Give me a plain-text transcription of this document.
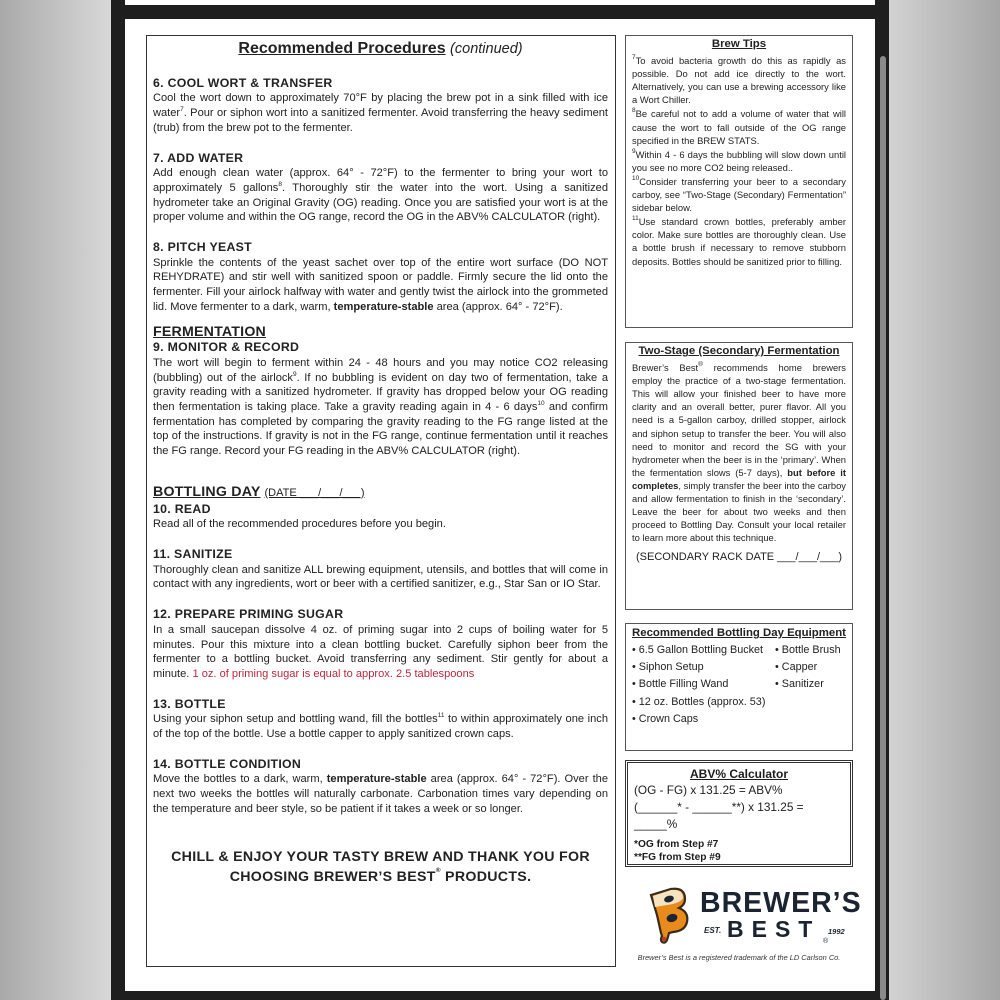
Recommended Procedures (continued)
6. COOL WORT & TRANSFER

Cool the wort down to approximately 70°F by placing the brew pot in a sink filled with ice water$^7$. Pour or siphon wort into a sanitized fermenter. Avoid transferring the heavy sediment (trub) from the brew pot to the fermenter.

7. ADD WATER

Add enough clean water (approx. 64° - 72°F) to the fermenter to bring your wort to approximately 5 gallons$^8$. Thoroughly stir the water into the wort. Using a sanitized hydrometer take an Original Gravity (OG) reading. Once you are satisfied your wort is at the proper volume and within the OG range, record the OG in the ABV% CALCULATOR (right).

8. PITCH YEAST

Sprinkle the contents of the yeast sachet over top of the entire wort surface (DO NOT REHYDRATE) and stir well with sanitized spoon or paddle. Firmly secure the lid onto the fermenter. Fill your airlock halfway with water and gently twist the airlock into the grommeted lid. Move fermenter to a dark, warm, temperature-stable area (approx. 64° - 72°F).

FERMENTATION
9. MONITOR & RECORD

The wort will begin to ferment within 24 - 48 hours and you may notice CO2 releasing (bubbling) out of the airlock$^9$. If no bubbling is evident on day two of fermentation, take a gravity reading with a sanitized hydrometer. If gravity has dropped below your OG reading then fermentation is taking place. Take a gravity reading again in 4 - 6 days$^{10}$ and confirm fermentation has completed by comparing the gravity reading to the FG range listed at the top of the instructions. If gravity is not in the FG range, continue fermentation until it reaches the FG range. Record your FG reading in the ABV% CALCULATOR (right).

BOTTLING DAY (DATE ___/___/___)
10. READ

Read all of the recommended procedures before you begin.

11. SANITIZE

Thoroughly clean and sanitize ALL brewing equipment, utensils, and bottles that will come in contact with any ingredients, wort or beer with a certified sanitizer, e.g., Star San or IO Star.

12. PREPARE PRIMING SUGAR

In a small saucepan dissolve 4 oz. of priming sugar into 2 cups of boiling water for 5 minutes. Pour this mixture into a clean bottling bucket. Carefully siphon beer from the fermenter to a bottling bucket. Avoid transferring any sediment. Stir gently for about a minute. 1 oz. of priming sugar is equal to approx. 2.5 tablespoons

13. BOTTLE

Using your siphon setup and bottling wand, fill the bottles$^{11}$ to within approximately one inch of the top of the bottle. Use a bottle capper to apply sanitized crown caps.

14. BOTTLE CONDITION

Move the bottles to a dark, warm, temperature-stable area (approx. 64° - 72°F). Over the next two weeks the bottles will naturally carbonate. Carbonation times vary depending on the temperature and beer style, so be patient if it takes a week or so longer.

CHILL & ENJOY YOUR TASTY BREW AND THANK YOU FOR
CHOOSING BREWER’S BEST® PRODUCTS.
Brew Tips

$^7$To avoid bacteria growth do this as rapidly as possible. Do not add ice directly to the wort. Alternatively, you can use a brewing accessory like a Wort Chiller.

$^8$Be careful not to add a volume of water that will cause the wort to fall outside of the OG range specified in the BREW STATS.

$^9$Within 4 - 6 days the bubbling will slow down until you see no more CO2 being released..

$^{10}$Consider transferring your beer to a secondary carboy, see “Two-Stage (Secondary) Fermentation” sidebar below.

$^{11}$Use standard crown bottles, preferably amber color. Make sure bottles are thoroughly clean. Use a bottle brush if necessary to remove stubborn deposits. Bottles should be sanitized prior to filling.

Two-Stage (Secondary) Fermentation

Brewer’s Best® recommends home brewers employ the practice of a two-stage fermentation. This will allow your finished beer to have more clarity and an overall better, purer flavor. All you need is a 5-gallon carboy, drilled stopper, airlock and siphon setup to transfer the beer. You will also need to monitor and record the SG with your hydrometer when the beer is in the ‘primary’. When the fermentation slows (5-7 days), but before it completes, simply transfer the beer into the carboy and allow fermentation to finish in the ‘secondary’. Leave the beer for about two weeks and then proceed to Bottling Day. Consult your local retailer to learn more about this technique.

(SECONDARY RACK DATE ___/___/___)
Recommended Bottling Day Equipment
• 6.5 Gallon Bottling Bucket
• Siphon Setup
• Bottle Filling Wand
• 12 oz. Bottles (approx. 53)
• Crown Caps
• Bottle Brush
• Capper
• Sanitizer
ABV% Calculator
(OG - FG) x 131.25 = ABV%
(______* - ______**) x 131.25 = _____%
*OG from Step #7
**FG from Step #9
BREWER’S
EST. BEST 1992
®
Brewer’s Best is a registered trademark of the LD Carlson Co.
